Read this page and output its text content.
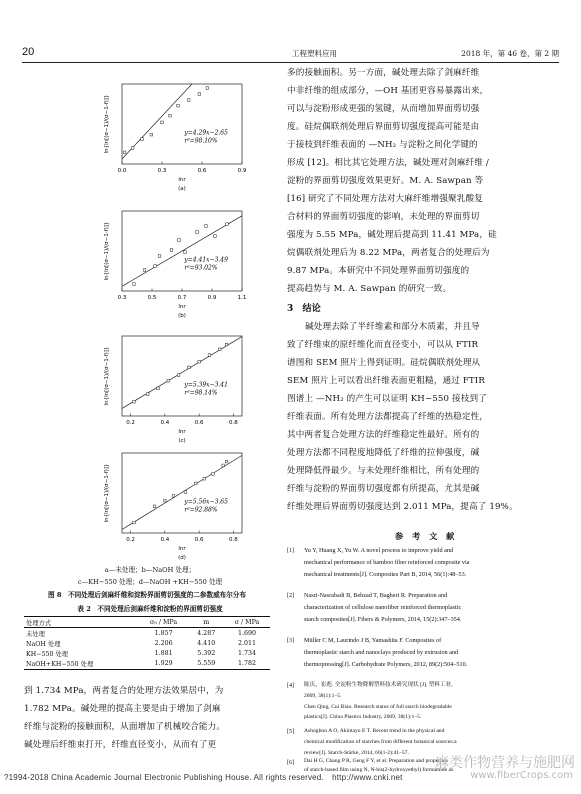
20	工程塑料应用	2018 年，第 46 卷，第 2 期
0.0	0.3	0.6	0.9
y=4.29x−2.65
r²=98.10%
ln{ln[(σ−1)/(σ−1-f)]}
lnr
(a)
0.3	0.5	0.7	0.9	1.1
y=4.41x−3.49
r²=93.02%
ln{ln[(σ−1)/(σ−1-f)]}
lnr
(b)
0.2	0.4	0.6	0.8
y=5.39x−3.41
r²=98.14%
ln{ln[(σ−1)/(σ−1-f)]}
lnr
(c)
0.2	0.4	0.6	0.8
y=5.56x−3.65
r²=92.88%
ln{ln[(σ−1)/(σ−1-f)]}
lnr
(d)
a—未处理；b—NaOH 处理；
c—KH−550 处理；d—NaOH +KH−550 处理
图 8　不同处理后剑麻纤维和淀粉界面剪切强度的二参数威布尔分布
表 2　不同处理后剑麻纤维和淀粉的界面剪切强度
处理方式	σ₀ / MPa	m	σ / MPa
未处理	1.857	4.287	1.690
NaOH 处理	2.206	4.410	2.011
KH−550 处理	1.881	5.392	1.734
NaOH+KH−550 处理	1.929	5.559	1.782
到 1.734 MPa，两者复合的处理方法效果居中，为
1.782 MPa。碱处理的提高主要是由于增加了剑麻
纤维与淀粉的接触面积，从面增加了机械咬合能力。
碱处理后纤维束打开，纤维直径变小，从而有了更
多的接触面积。另一方面，碱处理去除了剑麻纤维
中非纤维的组成部分，—OH 基团更容易暴露出来，
可以与淀粉形成更强的氢键，从而增加界面剪切强
度。硅烷偶联剂处理后界面剪切强度提高可能是由
于接枝到纤维表面的 —NH₂ 与淀粉之间化学键的
形成 [12]。相比其它处理方法，碱处理对剑麻纤维 /
淀粉的界面剪切强度效果更好。M. A. Sawpan 等
[16] 研究了不同处理方法对大麻纤维增强聚乳酸复
合材料的界面剪切强度的影响，未处理的界面剪切
强度为 5.55 MPa，碱处理后提高到 11.41 MPa，硅
烷偶联剂处理后为 8.22 MPa，两者复合的处理后为
9.87 MPa。本研究中不同处理界面剪切强度的
提高趋势与 M. A. Sawpan 的研究一致。
3　结论
碱处理去除了半纤维素和部分木质素，并且导
致了纤维束的原纤维化而直径变小，可以从 FTIR
谱图和 SEM 照片上得到证明。硅烷偶联剂处理从
SEM 照片上可以看出纤维表面更粗糙，通过 FTIR
图谱上 —NH₂ 的产生可以证明 KH−550 接枝到了
纤维表面。所有处理方法都提高了纤维的热稳定性，
其中两者复合处理方法的纤维稳定性最好。所有的
处理方法都不同程度地降低了纤维的拉伸强度，碱
处理降低得最少。与未处理纤维相比，所有处理的
纤维与淀粉的界面剪切强度都有所提高，尤其是碱
纤维处理后界面剪切强度达到 2.011 MPa，提高了 19%。
参 考 文 献
[1] Yu Y, Huang X, Yu W. A novel process to improve yield and
mechanical performance of bamboo fiber reinforced composite via
mechanical treatments[J]. Composites Part B, 2014, 56(1):48–53.
[2] Nasri-Nasrabadi B, Behzad T, Bagheri R. Preparation and
characterization of cellulose nanofiber reinforced thermoplastic
starch composites[J]. Fibers & Polymers, 2014, 15(2):347–354.
[3] Müller C M, Laurindo J B, Yamashita F. Composites of
thermoplastic starch and nanoclays produced by extrusion and
thermopressing[J]. Carbohydrate Polymers, 2012, 89(2):504–510.
[4] 陈庆，崔彪. 全淀粉生物降解塑料技术研究现状 [J]. 塑料工业,
2009, 38(1):1–5.
Chen Qing, Cui Biao. Research status of full starch biodegradable
plastics[J]. China Plastics Industry, 2009, 38(1):1–5.
[5] Ashogbon A O, Akintayo E T. Recent trend in the physical and
chemical modification of starches from different botanical sources:a
review[J]. Starch-Stärke, 2014, 66(1-2):41–57.
[6] Dai H G, Chang P R, Geng F Y, et al. Preparation and properties
of starch-based film using N, N-bis(2-hydroxyethyl) formamide as
?1994-2018 China Academic Journal Electronic Publishing House. All rights reserved.　http://www.cnki.net
麻类作物营养与施肥网
www.fiberCrops.com
